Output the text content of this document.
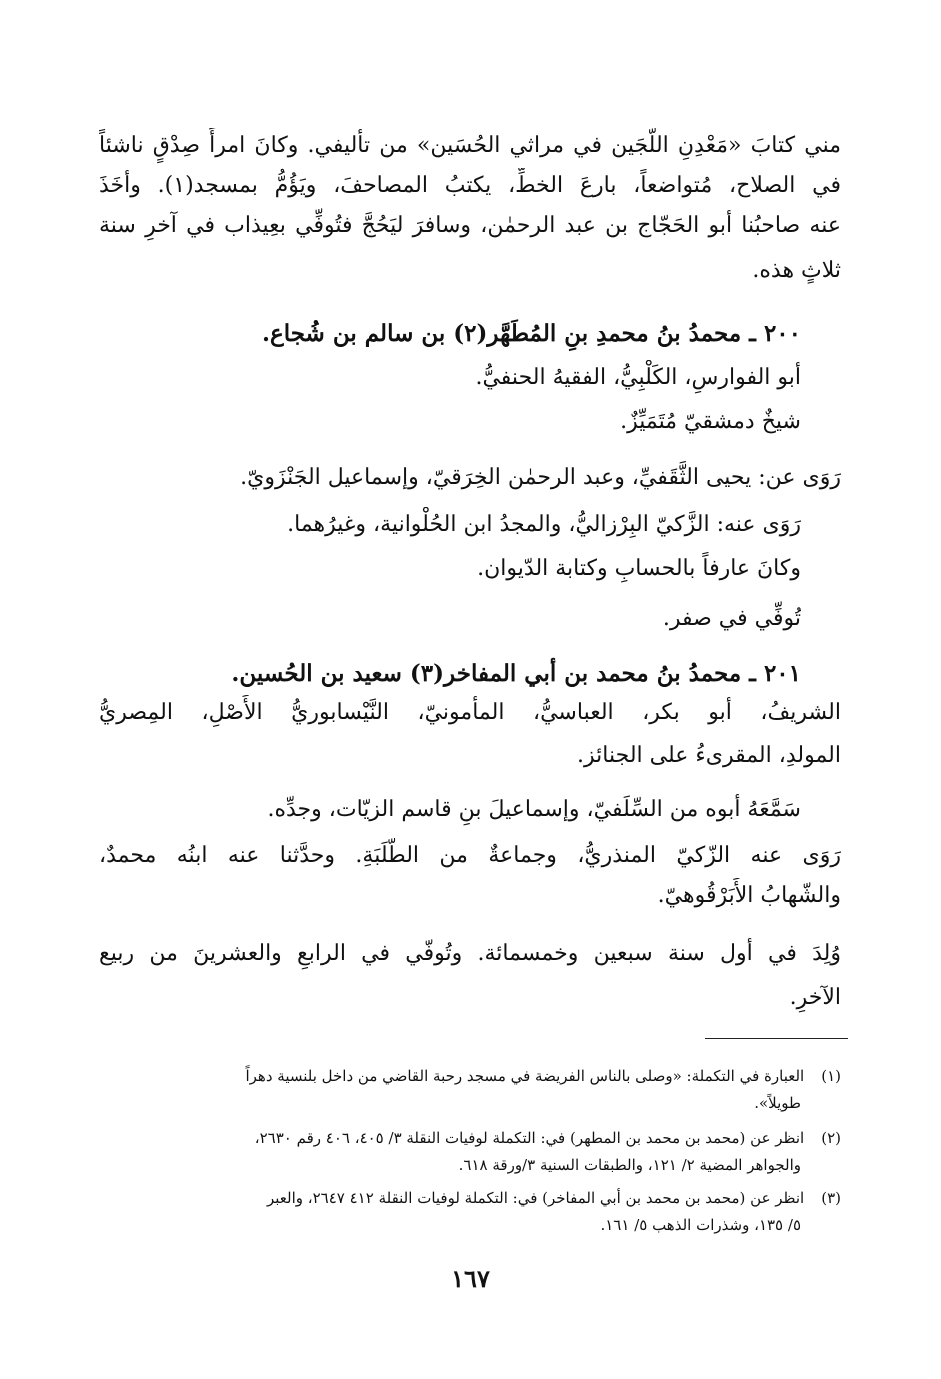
مني كتابَ «مَعْدِنِ اللُّجَين في مراثي الحُسَين» من تأليفي. وكانَ امرأً صِدْقٍ ناشئاً
في الصلاح، مُتواضعاً، بارعَ الخطِّ، يكتبُ المصاحفَ، ويَؤُمُّ بمسجد(١). وأخَذَ
عنه صاحبُنا أبو الحَجّاج بن عبد الرحمٰن، وسافرَ ليَحُجَّ فتُوفِّي بعِيذاب في آخرِ سنة
ثلاثٍ هذه.
٢٠٠ ـ محمدُ بنُ محمدِ بنِ المُطَهَّر(٢) بن سالم بن شُجاع.
أبو الفوارسِ، الكَلْبِيُّ، الفقيهُ الحنفيُّ.
شيخٌ دمشقيّ مُتَمَيِّزٌ.
رَوَى عن: يحيى الثَّقَفيِّ، وعبد الرحمٰن الخِرَقيّ، وإسماعيل الجَنْزَويّ.
رَوَى عنه: الزَّكيّ البِرْزاليُّ، والمجدُ ابن الحُلْوانية، وغيرُهما.
وكانَ عارفاً بالحسابِ وكتابة الدّيوان.
تُوفِّي في صفر.
٢٠١ ـ محمدُ بنُ محمد بن أبي المفاخر(٣) سعيد بن الحُسين.
الشريفُ، أبو بكر، العباسيُّ، المأمونيّ، النَّيْسابوريُّ الأَصْلِ، المِصريُّ
المولدِ، المقرىءُ على الجنائز.
سَمَّعَهُ أبوه من السِّلَفيّ، وإسماعيلَ بنِ قاسم الزيّات، وجدِّه.
رَوَى عنه الزّكيّ المنذريُّ، وجماعةٌ من الطَّلَبَةِ. وحدَّثنا عنه ابنُه محمدٌ،
والشّهابُ الأَبَرْقُوهيّ.
وُلِدَ في أول سنة سبعين وخمسمائة. وتُوفّي في الرابعِ والعشرينَ من ربيع
الآخرِ.
(١) العبارة في التكملة: «وصلى بالناس الفريضة في مسجد رحبة القاضي من داخل بلنسية دهراً
طويلاً».
(٢) انظر عن (محمد بن محمد بن المطهر) في: التكملة لوفيات النقلة ٣/ ٤٠٥، ٤٠٦ رقم ٢٦٣٠،
والجواهر المضية ٢/ ١٢١، والطبقات السنية ٣/ورقة ٦١٨.
(٣) انظر عن (محمد بن محمد بن أبي المفاخر) في: التكملة لوفيات النقلة ٤١٢ ٢٦٤٧، والعبر
٥/ ١٣٥، وشذرات الذهب ٥/ ١٦١.
١٦٧
